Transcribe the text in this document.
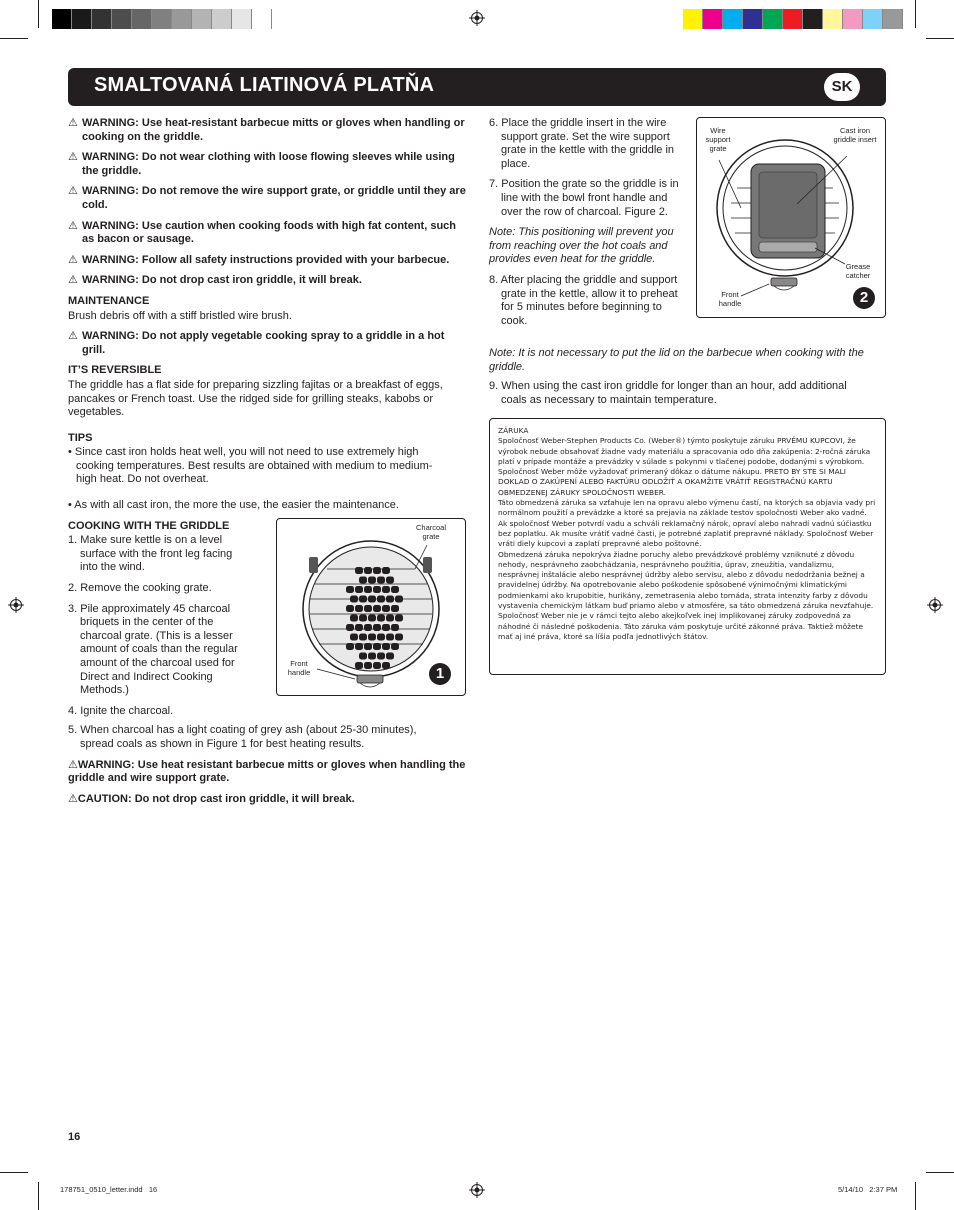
SMALTOVANÁ LIATINOVÁ PLATŇA	SK

⚠ WARNING: Use heat-resistant barbecue mitts or gloves when handling or cooking on the griddle.

⚠ WARNING: Do not wear clothing with loose flowing sleeves while using the griddle.

⚠ WARNING: Do not remove the wire support grate, or griddle until they are cold.

⚠ WARNING: Use caution when cooking foods with high fat content, such as bacon or sausage.

⚠ WARNING: Follow all safety instructions provided with your barbecue.

⚠ WARNING: Do not drop cast iron griddle, it will break.

MAINTENANCE

Brush debris off with a stiff bristled wire brush.

⚠ WARNING: Do not apply vegetable cooking spray to a griddle in a hot grill.

IT’S REVERSIBLE

The griddle has a flat side for preparing sizzling fajitas or a breakfast of eggs, pancakes or French toast. Use the ridged side for grilling steaks, kabobs or vegetables.

TIPS

• Since cast iron holds heat well, you will not need to use extremely high cooking temperatures. Best results are obtained with medium to medium-high heat. Do not overheat.

• As with all cast iron, the more the use, the easier the maintenance.

COOKING WITH THE GRIDDLE

1. Make sure kettle is on a level surface with the front leg facing into the wind.

2. Remove the cooking grate.

3. Pile approximately 45 charcoal briquets in the center of the charcoal grate. (This is a lesser amount of coals than the regular amount of the charcoal used for Direct and Indirect Cooking Methods.)

4. Ignite the charcoal.

5. When charcoal has a light coating of grey ash (about 25-30 minutes), spread coals as shown in Figure 1 for best heating results.

⚠WARNING: Use heat resistant barbecue mitts or gloves when handling the griddle and wire support grate.

⚠CAUTION: Do not drop cast iron griddle, it will break.

Charcoal grate
Front handle	1

6. Place the griddle insert in the wire support grate. Set the wire support grate in the kettle with the griddle in place.

7. Position the grate so the griddle is in line with the bowl front handle and over the row of charcoal. Figure 2.

Note: This positioning will prevent you from reaching over the hot coals and provides even heat for the griddle.

8. After placing the griddle and support grate in the kettle, allow it to preheat for 5 minutes before beginning to cook.

Note: It is not necessary to put the lid on the barbecue when cooking with the griddle.

9. When using the cast iron griddle for longer than an hour, add additional coals as necessary to maintain temperature.

Wire support grate
Cast iron griddle insert
Grease catcher
Front handle	2
ZÁRUKA
Spoločnosť Weber-Stephen Products Co. (Weber®) týmto poskytuje záruku PRVÉMU KUPCOVI, že výrobok nebude obsahovať žiadne vady materiálu a spracovania odo dňa zakúpenia: 2-ročná záruka platí v prípade montáže a prevádzky v súlade s pokynmi v tlačenej podobe, dodanými s výrobkom.
Spoločnosť Weber môže vyžadovať primeraný dôkaz o dátume nákupu. PRETO BY STE SI MALI DOKLAD O ZAKÚPENÍ ALEBO FAKTÚRU ODLOŽIŤ A OKAMŽITE VRÁTIŤ REGISTRAČNÚ KARTU OBMEDZENEJ ZÁRUKY SPOLOČNOSTI WEBER.
Táto obmedzená záruka sa vzťahuje len na opravu alebo výmenu častí, na ktorých sa objavia vady pri normálnom použití a prevádzke a ktoré sa prejavia na základe testov spoločnosti Weber ako vadné. Ak spoločnosť Weber potvrdí vadu a schváli reklamačný nárok, opraví alebo nahradí vadnú súčiastku bez poplatku. Ak musíte vrátiť vadné časti, je potrebné zaplatiť prepravné náklady. Spoločnosť Weber vráti diely kupcovi a zaplatí prepravné alebo poštovné.
Obmedzená záruka nepokrýva žiadne poruchy alebo prevádzkové problémy vzniknuté z dôvodu nehody, nesprávneho zaobchádzania, nesprávneho použitia, úprav, zneužitia, vandalizmu, nesprávnej inštalácie alebo nesprávnej údržby alebo servisu, alebo z dôvodu nedodržania bežnej a pravidelnej údržby. Na opotrebovanie alebo poškodenie spôsobené výnimočnými klimatickými podmienkami ako krupobitie, hurikány, zemetrasenia alebo tornáda, strata intenzity farby z dôvodu vystavenia chemickým látkam buď priamo alebo v atmosfére, sa táto obmedzená záruka nevzťahuje. Spoločnosť Weber nie je v rámci tejto alebo akejkoľvek inej implikovanej záruky zodpovedná za náhodné či následné poškodenia. Táto záruka vám poskytuje určité zákonné práva. Taktiež môžete mať aj iné práva, ktoré sa líšia podľa jednotlivých štátov.
16
178751_0510_letter.indd   16	5/14/10   2:37 PM
